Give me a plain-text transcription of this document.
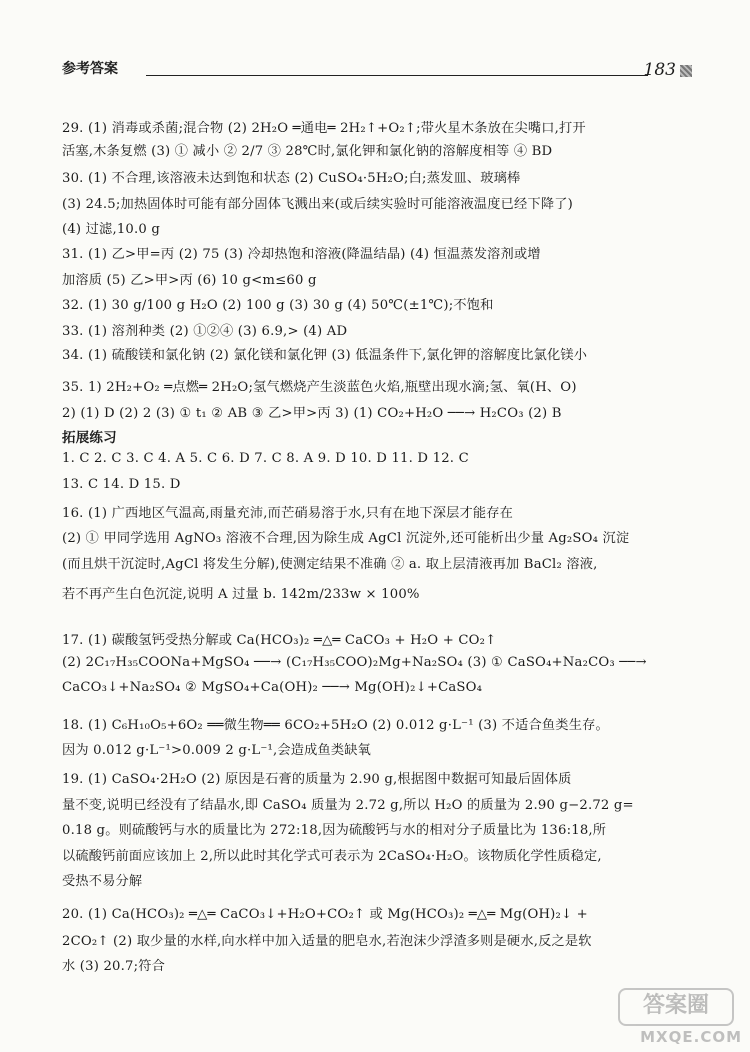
参考答案	183
29. (1) 消毒或杀菌;混合物 (2) 2H₂O ═通电═ 2H₂↑+O₂↑;带火星木条放在尖嘴口,打开
活塞,木条复燃 (3) ① 减小 ② 2/7 ③ 28℃时,氯化钾和氯化钠的溶解度相等 ④ BD
30. (1) 不合理,该溶液未达到饱和状态 (2) CuSO₄·5H₂O;白;蒸发皿、玻璃棒
(3) 24.5;加热固体时可能有部分固体飞溅出来(或后续实验时可能溶液温度已经下降了)
(4) 过滤,10.0 g
31. (1) 乙>甲=丙 (2) 75 (3) 冷却热饱和溶液(降温结晶) (4) 恒温蒸发溶剂或增
加溶质 (5) 乙>甲>丙 (6) 10 g<m≤60 g
32. (1) 30 g/100 g H₂O (2) 100 g (3) 30 g (4) 50℃(±1℃);不饱和
33. (1) 溶剂种类 (2) ①②④ (3) 6.9,> (4) AD
34. (1) 硫酸镁和氯化钠 (2) 氯化镁和氯化钾 (3) 低温条件下,氯化钾的溶解度比氯化镁小
35. 1) 2H₂+O₂ ═点燃═ 2H₂O;氢气燃烧产生淡蓝色火焰,瓶壁出现水滴;氢、氧(H、O)
2) (1) D (2) 2 (3) ① t₁ ② AB ③ 乙>甲>丙 3) (1) CO₂+H₂O ──→ H₂CO₃ (2) B
拓展练习
1. C 2. C 3. C 4. A 5. C 6. D 7. C 8. A 9. D 10. D 11. D 12. C
13. C 14. D 15. D
16. (1) 广西地区气温高,雨量充沛,而芒硝易溶于水,只有在地下深层才能存在
(2) ① 甲同学选用 AgNO₃ 溶液不合理,因为除生成 AgCl 沉淀外,还可能析出少量 Ag₂SO₄ 沉淀
(而且烘干沉淀时,AgCl 将发生分解),使测定结果不准确 ② a. 取上层清液再加 BaCl₂ 溶液,
若不再产生白色沉淀,说明 A 过量 b. 142m/233w × 100%
17. (1) 碳酸氢钙受热分解或 Ca(HCO₃)₂ ═△═ CaCO₃ + H₂O + CO₂↑
(2) 2C₁₇H₃₅COONa+MgSO₄ ──→ (C₁₇H₃₅COO)₂Mg+Na₂SO₄ (3) ① CaSO₄+Na₂CO₃ ──→
CaCO₃↓+Na₂SO₄ ② MgSO₄+Ca(OH)₂ ──→ Mg(OH)₂↓+CaSO₄
18. (1) C₆H₁₀O₅+6O₂ ══微生物══ 6CO₂+5H₂O (2) 0.012 g·L⁻¹ (3) 不适合鱼类生存。
因为 0.012 g·L⁻¹>0.009 2 g·L⁻¹,会造成鱼类缺氧
19. (1) CaSO₄·2H₂O (2) 原因是石膏的质量为 2.90 g,根据图中数据可知最后固体质
量不变,说明已经没有了结晶水,即 CaSO₄ 质量为 2.72 g,所以 H₂O 的质量为 2.90 g−2.72 g=
0.18 g。则硫酸钙与水的质量比为 272:18,因为硫酸钙与水的相对分子质量比为 136:18,所
以硫酸钙前面应该加上 2,所以此时其化学式可表示为 2CaSO₄·H₂O。该物质化学性质稳定,
受热不易分解
20. (1) Ca(HCO₃)₂ ═△═ CaCO₃↓+H₂O+CO₂↑ 或 Mg(HCO₃)₂ ═△═ Mg(OH)₂↓ +
2CO₂↑ (2) 取少量的水样,向水样中加入适量的肥皂水,若泡沫少浮渣多则是硬水,反之是软
水 (3) 20.7;符合
答案圈
MXQE.COM
